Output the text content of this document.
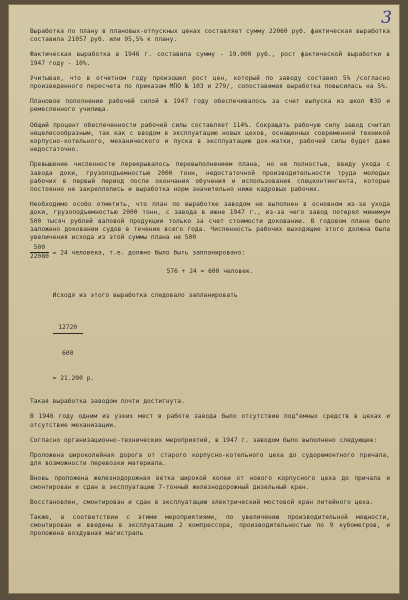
3

Выработка по плану в плановых-отпускных ценах составляет сумму 22060 руб. фактическая выработка составила 21057 руб. или 95,5% к плану.

Фактическая выработка в 1946 г. составила сумму - 19.000 руб., рост фактической выработки в 1947 году - 10%.

Учитывая, что в отчетном году произошел рост цен, который по заводу составил 5% /согласно произведенного пересчета по приказам МПО № 103 и 279/, сопоставимая выработка повысилась на 5%.

Плановое пополнение рабочей силой в 1947 году обеспечивалось за счет выпуска из школ ФЗО и ремесленного училища.

Общий процент обеспеченности рабочей силы составляет 114%. Сокращать рабочую силу завод считал нецелесообразным, так как с вводом в эксплуатацию новых цехов, оснащенных современной техникой корпусно-котельного, механического и пуска в эксплуатацию док-матки, рабочей силы будет даже недостаточно.

Превышение численности перекрывалось перевыполнением плана, но не полностью, ввиду ухода с завода доки, грузоподъемностью 2000 тонн, недостаточной производительности труда молодых рабочих в первый период после окончания обучения и использования спецконтингента, которые постоянно не закреплялись и выработка норм значительно ниже кадровых рабочих.

Необходимо особо отметить, что план по выработке заводом не выполнен в основном из-за ухода доки, грузоподъемностью 2000 тонн, с завода в июне 1947 г., из-за чего завод потерял минимум 500 тысяч рублей валовой продукции только за счет стоимости доковании. В годовом плане было заложено доковании судов в течение всего года. Численность рабочих выходящие этого должна была увеличения исхода из этой суммы плана не 500

$\frac{500}{22080} = 24$ человека, т.е. должно было быть запланировано:

576 + 24 = 600 человек.

Исходя из этого выработка следовало запланировать

$\frac{12720}{600}$

= 21.200 р.

Такая выработка заводом почти достигнута.

В 1946 году одним из узких мест в работе завода было отсутствие под"емных средств в цехах и отсутствие механизации.

Согласно организационно-технических мероприятий, в 1947 г. заводом было выполнено следующее:

Проложена широколейная дорога от старого корпусно-котельного цеха до судоремонтного причала, для возможности перевозки материала.

Вновь проложена железнодорожная ветка широкой колеи от нового корпусного цеха до причала и смонтирован и сдан в эксплуатацию 7-тонный железнодорожный дизельный кран.

Восстановлен, смонтирован и сдан в эксплуатацию электрический мостовой кран литейного цеха.

Также, в соответствии с этими мероприятиями, по увеличению производительной мощности, смонтирован и введены в эксплуатацию 2 компрессора, производительностью по 9 кубометров, и проложена воздушная магистраль
